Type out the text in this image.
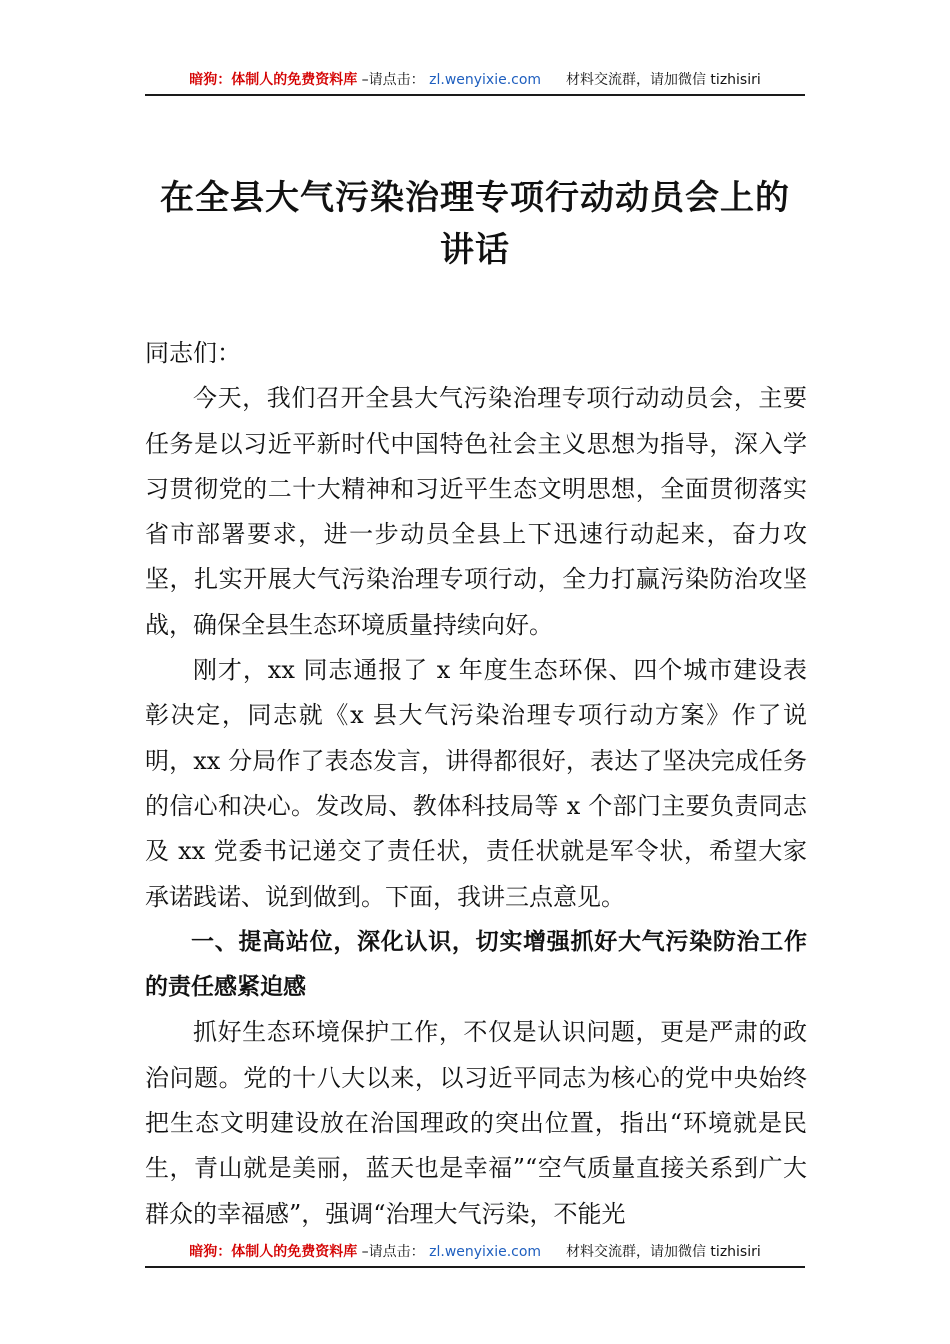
暗狗：体制人的免费资料库 –请点击： zl.wenyixie.com 材料交流群，请加微信 tizhisiri
在全县大气污染治理专项行动动员会上的
讲话

同志们：

今天，我们召开全县大气污染治理专项行动动员会，主要任务是以习近平新时代中国特色社会主义思想为指导，深入学习贯彻党的二十大精神和习近平生态文明思想，全面贯彻落实省市部署要求，进一步动员全县上下迅速行动起来，奋力攻坚，扎实开展大气污染治理专项行动，全力打赢污染防治攻坚战，确保全县生态环境质量持续向好。

刚才，xx 同志通报了 x 年度生态环保、四个城市建设表彰决定，同志就《x 县大气污染治理专项行动方案》作了说明，xx 分局作了表态发言，讲得都很好，表达了坚决完成任务的信心和决心。发改局、教体科技局等 x 个部门主要负责同志及 xx 党委书记递交了责任状，责任状就是军令状，希望大家承诺践诺、说到做到。下面，我讲三点意见。

一、提高站位，深化认识，切实增强抓好大气污染防治工作的责任感紧迫感

抓好生态环境保护工作，不仅是认识问题，更是严肃的政治问题。党的十八大以来，以习近平同志为核心的党中央始终把生态文明建设放在治国理政的突出位置，指出“环境就是民生，青山就是美丽，蓝天也是幸福”“空气质量直接关系到广大群众的幸福感”，强调“治理大气污染，不能光

暗狗：体制人的免费资料库 –请点击： zl.wenyixie.com 材料交流群，请加微信 tizhisiri
